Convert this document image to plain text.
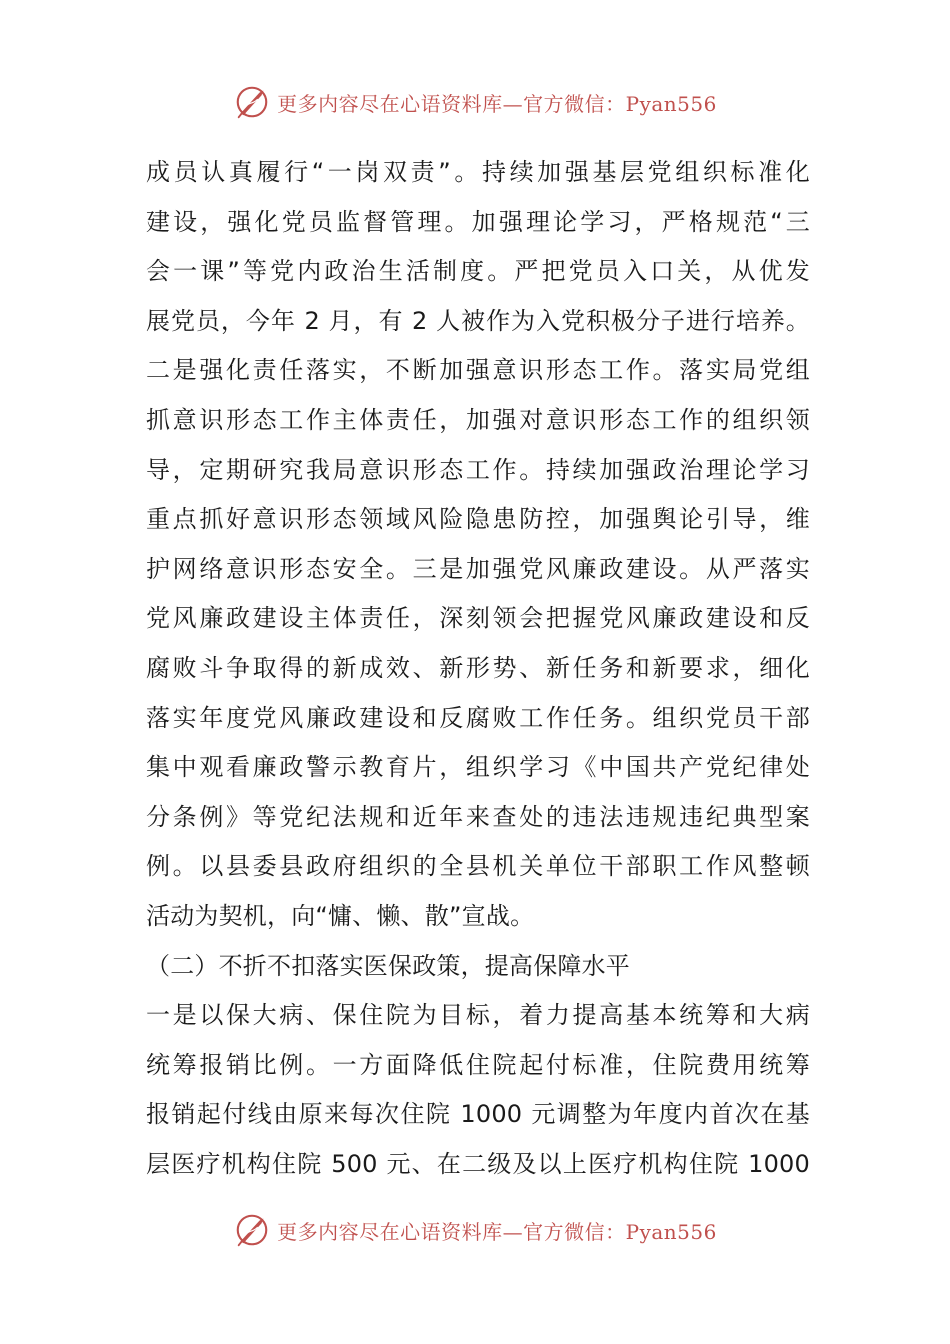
更多内容尽在心语资料库—官方微信：Pyan556
成员认真履行“一岗双责”。持续加强基层党组织标准化
建设，强化党员监督管理。加强理论学习，严格规范“三
会一课”等党内政治生活制度。严把党员入口关，从优发
展党员，今年 2 月，有 2 人被作为入党积极分子进行培养。
二是强化责任落实，不断加强意识形态工作。落实局党组
抓意识形态工作主体责任，加强对意识形态工作的组织领
导，定期研究我局意识形态工作。持续加强政治理论学习
重点抓好意识形态领域风险隐患防控，加强舆论引导，维
护网络意识形态安全。三是加强党风廉政建设。从严落实
党风廉政建设主体责任，深刻领会把握党风廉政建设和反
腐败斗争取得的新成效、新形势、新任务和新要求，细化
落实年度党风廉政建设和反腐败工作任务。组织党员干部
集中观看廉政警示教育片，组织学习《中国共产党纪律处
分条例》等党纪法规和近年来查处的违法违规违纪典型案
例。以县委县政府组织的全县机关单位干部职工作风整顿
活动为契机，向“慵、懒、散”宣战。
（二）不折不扣落实医保政策，提高保障水平
一是以保大病、保住院为目标，着力提高基本统筹和大病
统筹报销比例。一方面降低住院起付标准，住院费用统筹
报销起付线由原来每次住院 1000 元调整为年度内首次在基
层医疗机构住院 500 元、在二级及以上医疗机构住院 1000
更多内容尽在心语资料库—官方微信：Pyan556
